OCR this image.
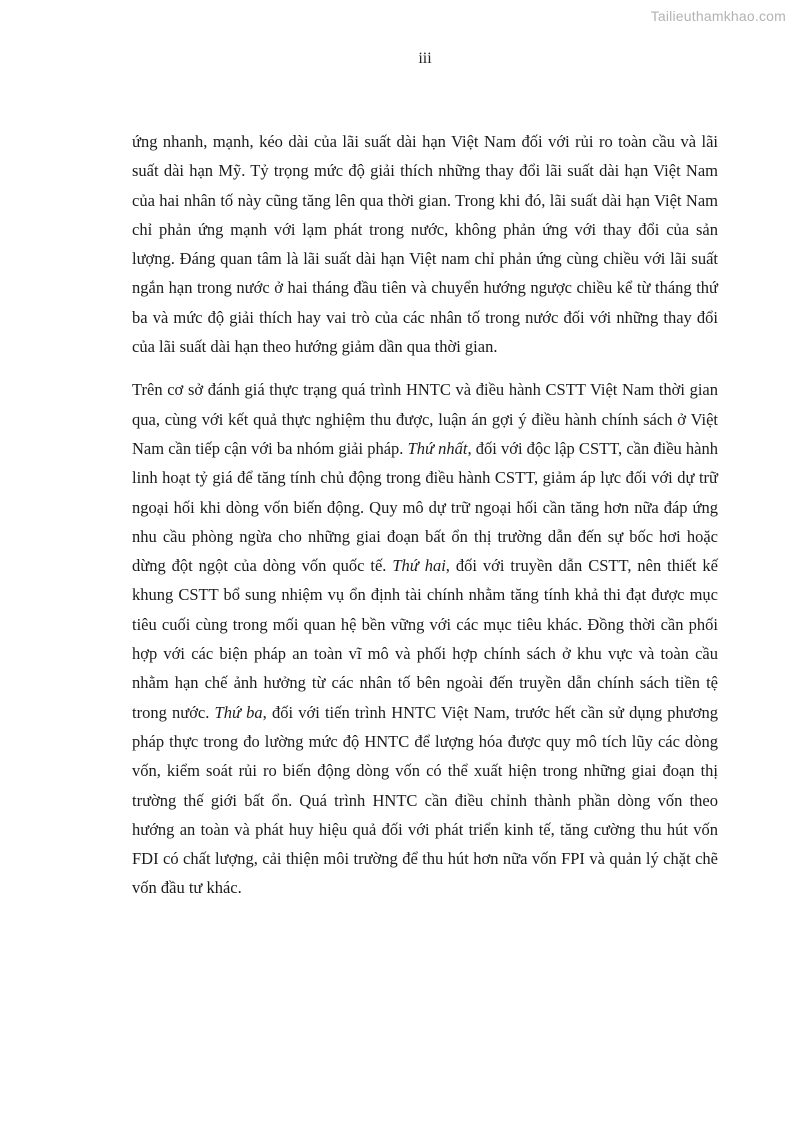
Tailieuthamkhao.com
iii

ứng nhanh, mạnh, kéo dài của lãi suất dài hạn Việt Nam đối với rủi ro toàn cầu và lãi suất dài hạn Mỹ. Tỷ trọng mức độ giải thích những thay đổi lãi suất dài hạn Việt Nam của hai nhân tố này cũng tăng lên qua thời gian. Trong khi đó, lãi suất dài hạn Việt Nam chỉ phản ứng mạnh với lạm phát trong nước, không phản ứng với thay đổi của sản lượng. Đáng quan tâm là lãi suất dài hạn Việt nam chỉ phản ứng cùng chiều với lãi suất ngắn hạn trong nước ở hai tháng đầu tiên và chuyển hướng ngược chiều kể từ tháng thứ ba và mức độ giải thích hay vai trò của các nhân tố trong nước đối với những thay đổi của lãi suất dài hạn theo hướng giảm dần qua thời gian.

Trên cơ sở đánh giá thực trạng quá trình HNTC và điều hành CSTT Việt Nam thời gian qua, cùng với kết quả thực nghiệm thu được, luận án gợi ý điều hành chính sách ở Việt Nam cần tiếp cận với ba nhóm giải pháp. Thứ nhất, đối với độc lập CSTT, cần điều hành linh hoạt tỷ giá để tăng tính chủ động trong điều hành CSTT, giảm áp lực đối với dự trữ ngoại hối khi dòng vốn biến động. Quy mô dự trữ ngoại hối cần tăng hơn nữa đáp ứng nhu cầu phòng ngừa cho những giai đoạn bất ổn thị trường dẫn đến sự bốc hơi hoặc dừng đột ngột của dòng vốn quốc tế. Thứ hai, đối với truyền dẫn CSTT, nên thiết kế khung CSTT bổ sung nhiệm vụ ổn định tài chính nhằm tăng tính khả thi đạt được mục tiêu cuối cùng trong mối quan hệ bền vững với các mục tiêu khác. Đồng thời cần phối hợp với các biện pháp an toàn vĩ mô và phối hợp chính sách ở khu vực và toàn cầu nhằm hạn chế ảnh hưởng từ các nhân tố bên ngoài đến truyền dẫn chính sách tiền tệ trong nước. Thứ ba, đối với tiến trình HNTC Việt Nam, trước hết cần sử dụng phương pháp thực trong đo lường mức độ HNTC để lượng hóa được quy mô tích lũy các dòng vốn, kiểm soát rủi ro biến động dòng vốn có thể xuất hiện trong những giai đoạn thị trường thế giới bất ổn. Quá trình HNTC cần điều chỉnh thành phần dòng vốn theo hướng an toàn và phát huy hiệu quả đối với phát triển kinh tế, tăng cường thu hút vốn FDI có chất lượng, cải thiện môi trường để thu hút hơn nữa vốn FPI và quản lý chặt chẽ vốn đầu tư khác.
